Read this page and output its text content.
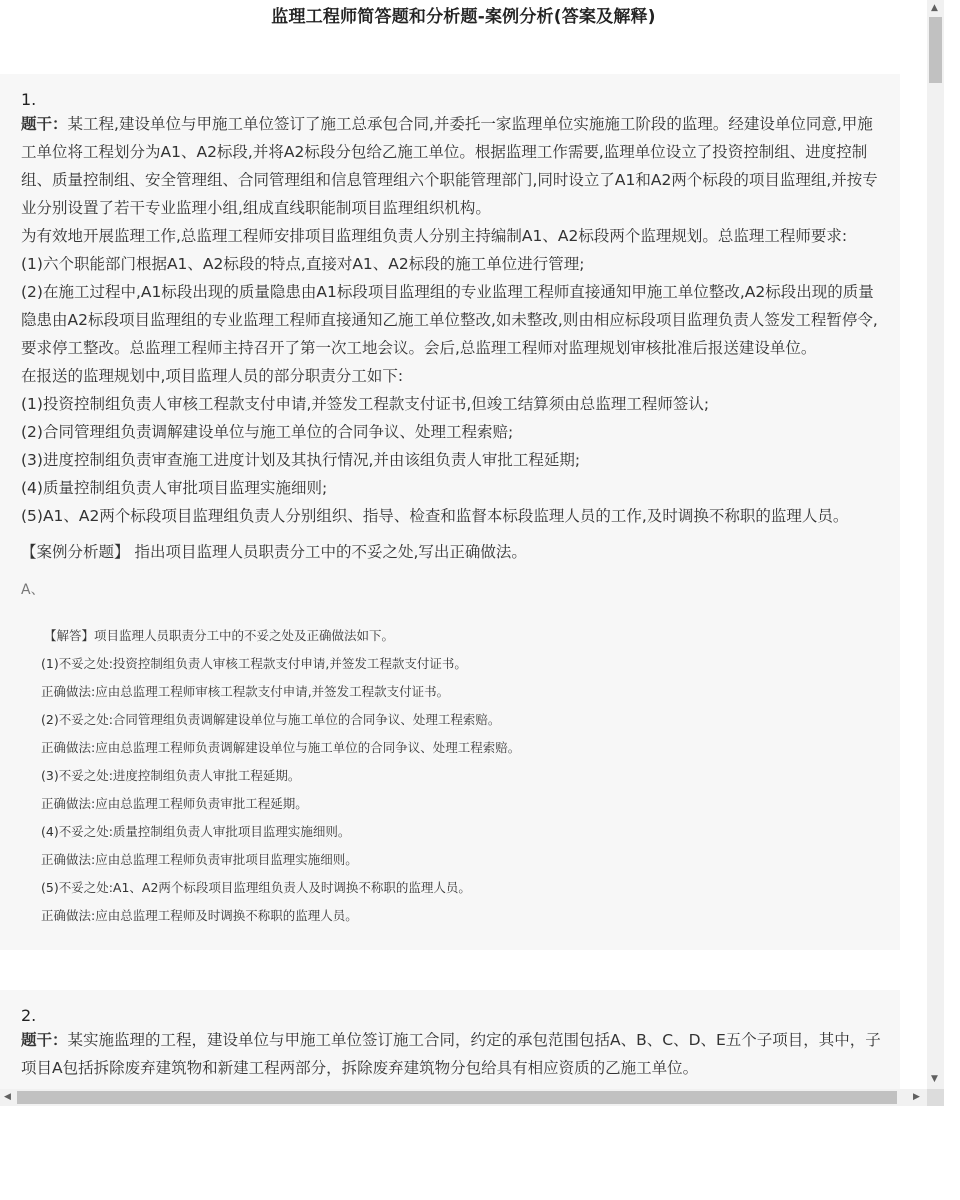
监理工程师简答题和分析题-案例分析(答案及解释)
1.

题干：某工程,建设单位与甲施工单位签订了施工总承包合同,并委托一家监理单位实施施工阶段的监理。经建设单位同意,甲施工单位将工程划分为A1、A2标段,并将A2标段分包给乙施工单位。根据监理工作需要,监理单位设立了投资控制组、进度控制组、质量控制组、安全管理组、合同管理组和信息管理组六个职能管理部门,同时设立了A1和A2两个标段的项目监理组,并按专业分别设置了若干专业监理小组,组成直线职能制项目监理组织机构。

为有效地开展监理工作,总监理工程师安排项目监理组负责人分别主持编制A1、A2标段两个监理规划。总监理工程师要求:

(1)六个职能部门根据A1、A2标段的特点,直接对A1、A2标段的施工单位进行管理;

(2)在施工过程中,A1标段出现的质量隐患由A1标段项目监理组的专业监理工程师直接通知甲施工单位整改,A2标段出现的质量隐患由A2标段项目监理组的专业监理工程师直接通知乙施工单位整改,如未整改,则由相应标段项目监理负责人签发工程暂停令,要求停工整改。总监理工程师主持召开了第一次工地会议。会后,总监理工程师对监理规划审核批准后报送建设单位。

在报送的监理规划中,项目监理人员的部分职责分工如下:

(1)投资控制组负责人审核工程款支付申请,并签发工程款支付证书,但竣工结算须由总监理工程师签认;

(2)合同管理组负责调解建设单位与施工单位的合同争议、处理工程索赔;

(3)进度控制组负责审查施工进度计划及其执行情况,并由该组负责人审批工程延期;

(4)质量控制组负责人审批项目监理实施细则;

(5)A1、A2两个标段项目监理组负责人分别组织、指导、检查和监督本标段监理人员的工作,及时调换不称职的监理人员。

【案例分析题】 指出项目监理人员职责分工中的不妥之处,写出正确做法。
A、

【解答】项目监理人员职责分工中的不妥之处及正确做法如下。

(1)不妥之处:投资控制组负责人审核工程款支付申请,并签发工程款支付证书。

正确做法:应由总监理工程师审核工程款支付申请,并签发工程款支付证书。

(2)不妥之处:合同管理组负责调解建设单位与施工单位的合同争议、处理工程索赔。

正确做法:应由总监理工程师负责调解建设单位与施工单位的合同争议、处理工程索赔。

(3)不妥之处:进度控制组负责人审批工程延期。

正确做法:应由总监理工程师负责审批工程延期。

(4)不妥之处:质量控制组负责人审批项目监理实施细则。

正确做法:应由总监理工程师负责审批项目监理实施细则。

(5)不妥之处:A1、A2两个标段项目监理组负责人及时调换不称职的监理人员。

正确做法:应由总监理工程师及时调换不称职的监理人员。

2.

题干：某实施监理的工程，建设单位与甲施工单位签订施工合同，约定的承包范围包括A、B、C、D、E五个子项目，其中，子项目A包括拆除废弃建筑物和新建工程两部分，拆除废弃建筑物分包给具有相应资质的乙施工单位。

▲
▼
◀	▶
